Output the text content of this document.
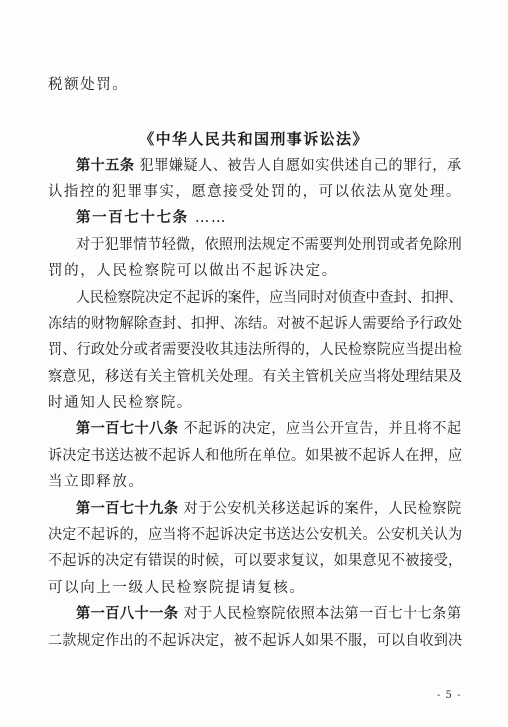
税额处罚。
《中华人民共和国刑事诉讼法》
第十五条 犯罪嫌疑人、被告人自愿如实供述自己的罪行，承
认指控的犯罪事实，愿意接受处罚的，可以依法从宽处理。
第一百七十七条 ……
对于犯罪情节轻微，依照刑法规定不需要判处刑罚或者免除刑
罚的，人民检察院可以做出不起诉决定。
人民检察院决定不起诉的案件，应当同时对侦查中查封、扣押、
冻结的财物解除查封、扣押、冻结。对被不起诉人需要给予行政处
罚、行政处分或者需要没收其违法所得的，人民检察院应当提出检
察意见，移送有关主管机关处理。有关主管机关应当将处理结果及
时通知人民检察院。
第一百七十八条 不起诉的决定，应当公开宣告，并且将不起
诉决定书送达被不起诉人和他所在单位。如果被不起诉人在押，应
当立即释放。
第一百七十九条 对于公安机关移送起诉的案件，人民检察院
决定不起诉的，应当将不起诉决定书送达公安机关。公安机关认为
不起诉的决定有错误的时候，可以要求复议，如果意见不被接受，
可以向上一级人民检察院提请复核。
第一百八十一条 对于人民检察院依照本法第一百七十七条第
二款规定作出的不起诉决定，被不起诉人如果不服，可以自收到决
- 5 -
